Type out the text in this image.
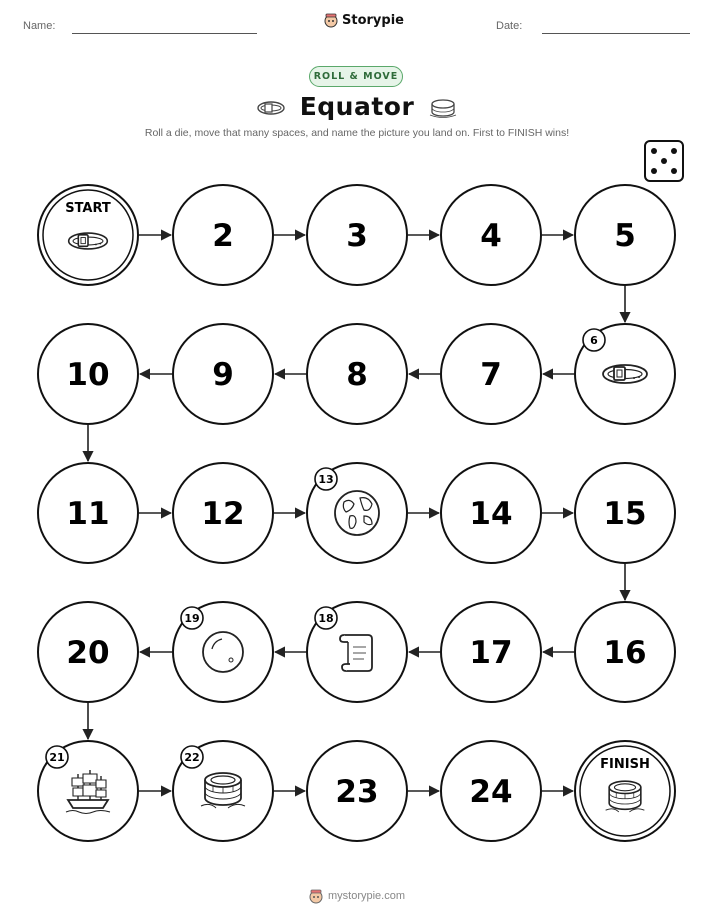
Name:	Storypie	Date:
ROLL & MOVE
Equator
Roll a die, move that many spaces, and name the picture you land on. First to FINISH wins!
START
2	3	4	5
6
7
8
9
10
11	12
13
14	15
16
17
18
19
20
21	22
23	24
FINISH
mystorypie.com
